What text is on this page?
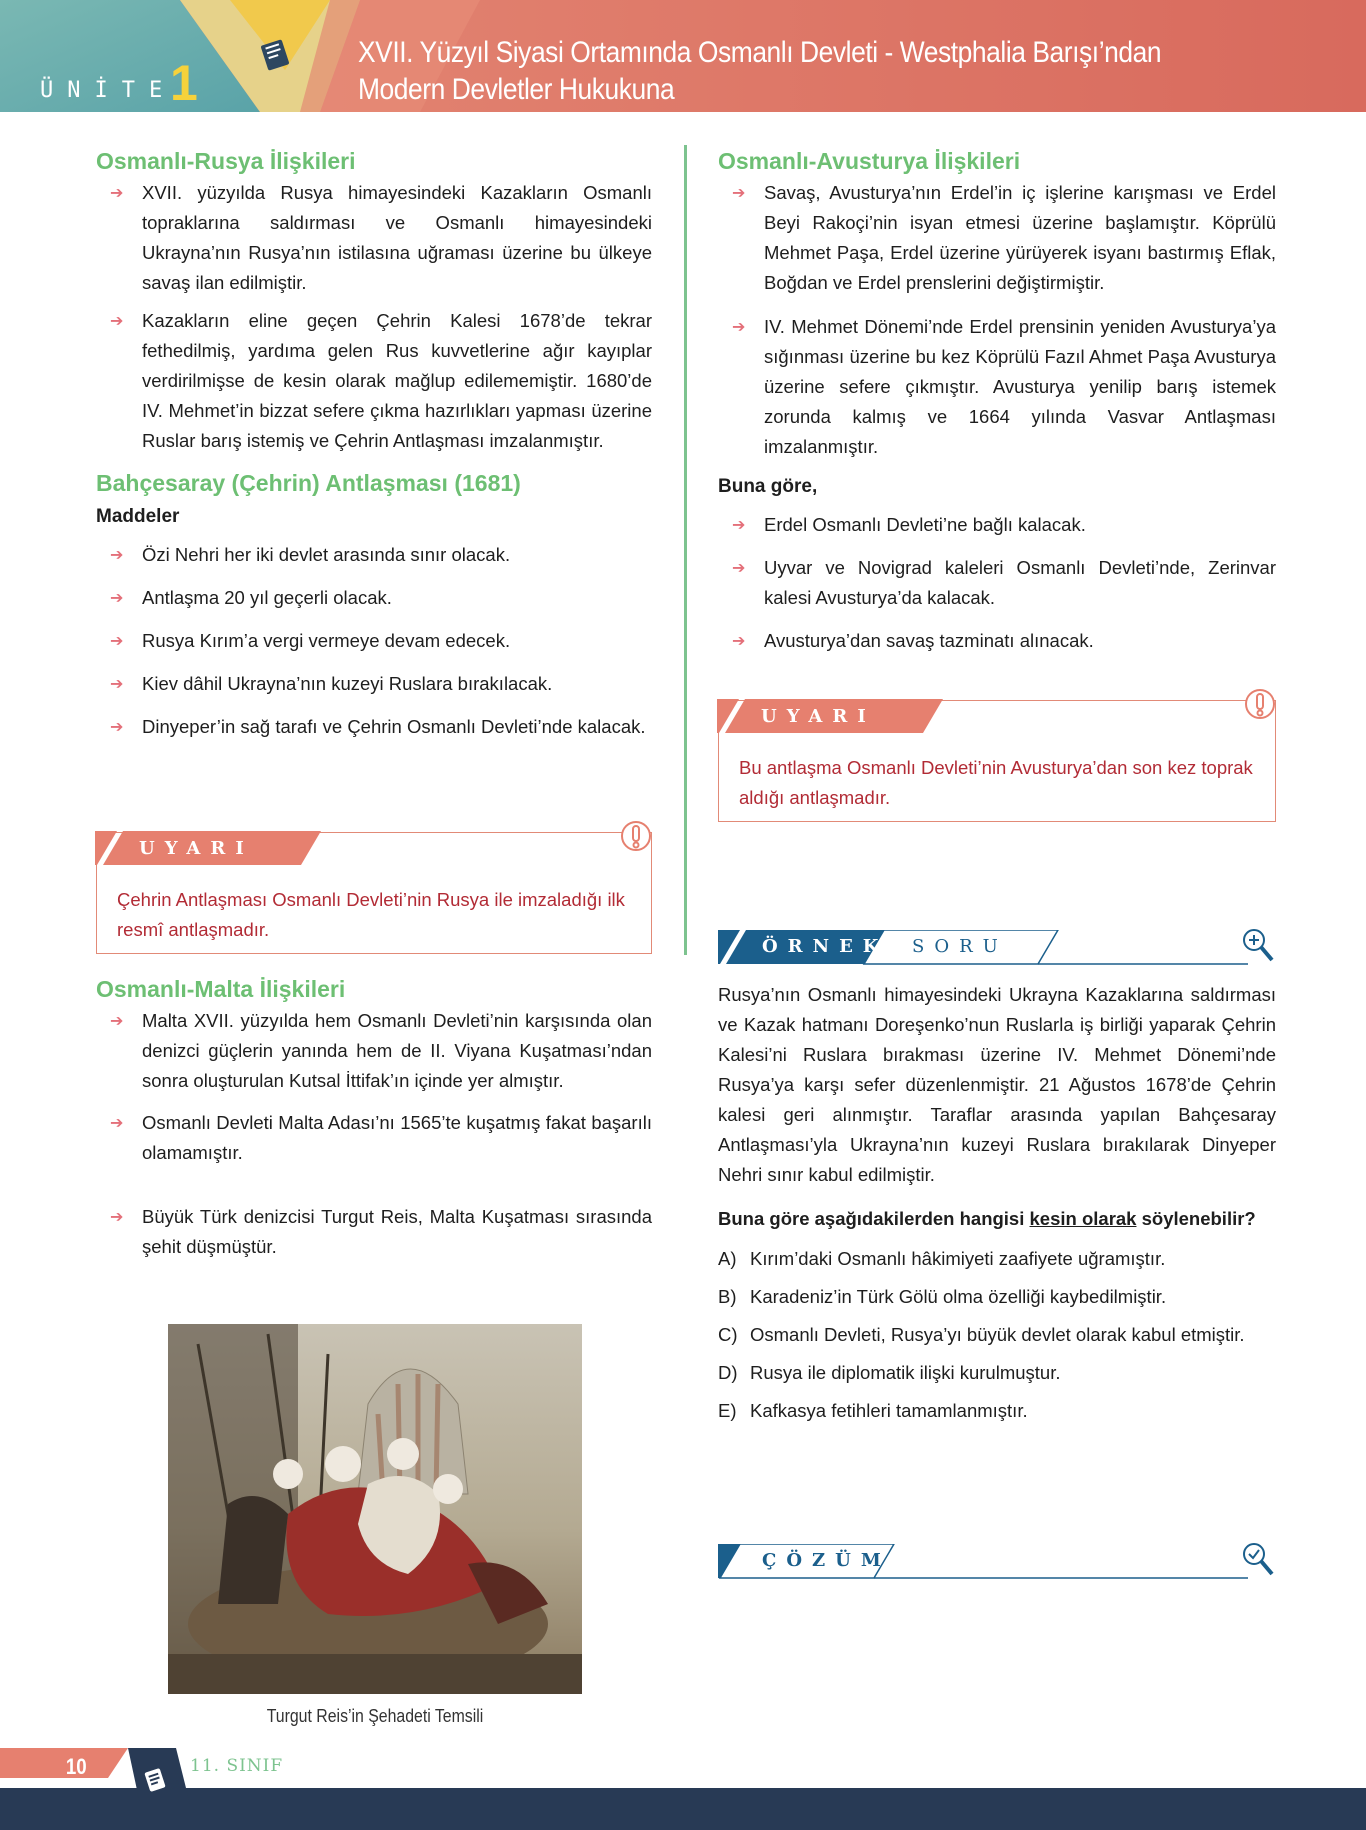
ÜNİTE
1
XVII. Yüzyıl Siyasi Ortamında Osmanlı Devleti - Westphalia Barışı’ndan Modern Devletler Hukukuna
Osmanlı-Rusya İlişkileri
➔ XVII. yüzyılda Rusya himayesindeki Kazakların Osmanlı topraklarına saldırması ve Osmanlı himayesindeki Ukrayna’nın Rusya’nın istilasına uğraması üzerine bu ülkeye savaş ilan edilmiştir.
➔ Kazakların eline geçen Çehrin Kalesi 1678’de tekrar fethedilmiş, yardıma gelen Rus kuvvetlerine ağır kayıplar verdirilmişse de kesin olarak mağlup edilememiştir. 1680’de IV. Mehmet’in bizzat sefere çıkma hazırlıkları yapması üzerine Ruslar barış istemiş ve Çehrin Antlaşması imzalanmıştır.
Bahçesaray (Çehrin) Antlaşması (1681)
Maddeler
➔ Özi Nehri her iki devlet arasında sınır olacak.
➔ Antlaşma 20 yıl geçerli olacak.
➔ Rusya Kırım’a vergi vermeye devam edecek.
➔ Kiev dâhil Ukrayna’nın kuzeyi Ruslara bırakılacak.
➔ Dinyeper’in sağ tarafı ve Çehrin Osmanlı Devleti’nde kalacak.
UYARI
Çehrin Antlaşması Osmanlı Devleti’nin Rusya ile imzaladığı ilk resmî antlaşmadır.
Osmanlı-Malta İlişkileri
➔ Malta XVII. yüzyılda hem Osmanlı Devleti’nin karşısında olan denizci güçlerin yanında hem de II. Viyana Kuşatması’ndan sonra oluşturulan Kutsal İttifak’ın içinde yer almıştır.
➔ Osmanlı Devleti Malta Adası’nı 1565’te kuşatmış fakat başarılı olamamıştır.
➔ Büyük Türk denizcisi Turgut Reis, Malta Kuşatması sırasında şehit düşmüştür.
Turgut Reis’in Şehadeti Temsili
Osmanlı-Avusturya İlişkileri
➔ Savaş, Avusturya’nın Erdel’in iç işlerine karışması ve Erdel Beyi Rakoçi’nin isyan etmesi üzerine başlamıştır. Köprülü Mehmet Paşa, Erdel üzerine yürüyerek isyanı bastırmış Eflak, Boğdan ve Erdel prenslerini değiştirmiştir.
➔ IV. Mehmet Dönemi’nde Erdel prensinin yeniden Avusturya’ya sığınması üzerine bu kez Köprülü Fazıl Ahmet Paşa Avusturya üzerine sefere çıkmıştır. Avusturya yenilip barış istemek zorunda kalmış ve 1664 yılında Vasvar Antlaşması imzalanmıştır.
Buna göre,
➔ Erdel Osmanlı Devleti’ne bağlı kalacak.
➔ Uyvar ve Novigrad kaleleri Osmanlı Devleti’nde, Zerinvar kalesi Avusturya’da kalacak.
➔ Avusturya’dan savaş tazminatı alınacak.
UYARI
Bu antlaşma Osmanlı Devleti’nin Avusturya’dan son kez toprak aldığı antlaşmadır.
ÖRNEK SORU

Rusya’nın Osmanlı himayesindeki Ukrayna Kazaklarına saldırması ve Kazak hatmanı Doreşenko’nun Ruslarla iş birliği yaparak Çehrin Kalesi’ni Ruslara bırakması üzerine IV. Mehmet Dönemi’nde Rusya’ya karşı sefer düzenlenmiştir. 21 Ağustos 1678’de Çehrin kalesi geri alınmıştır. Taraflar arasında yapılan Bahçesaray Antlaşması’yla Ukrayna’nın kuzeyi Ruslara bırakılarak Dinyeper Nehri sınır kabul edilmiştir.

Buna göre aşağıdakilerden hangisi kesin olarak söylenebilir?

A) Kırım’daki Osmanlı hâkimiyeti zaafiyete uğramıştır.
B) Karadeniz’in Türk Gölü olma özelliği kaybedilmiştir.
C) Osmanlı Devleti, Rusya’yı büyük devlet olarak kabul etmiştir.
D) Rusya ile diplomatik ilişki kurulmuştur.
E) Kafkasya fetihleri tamamlanmıştır.
ÇÖZÜM
10	11. SINIF
